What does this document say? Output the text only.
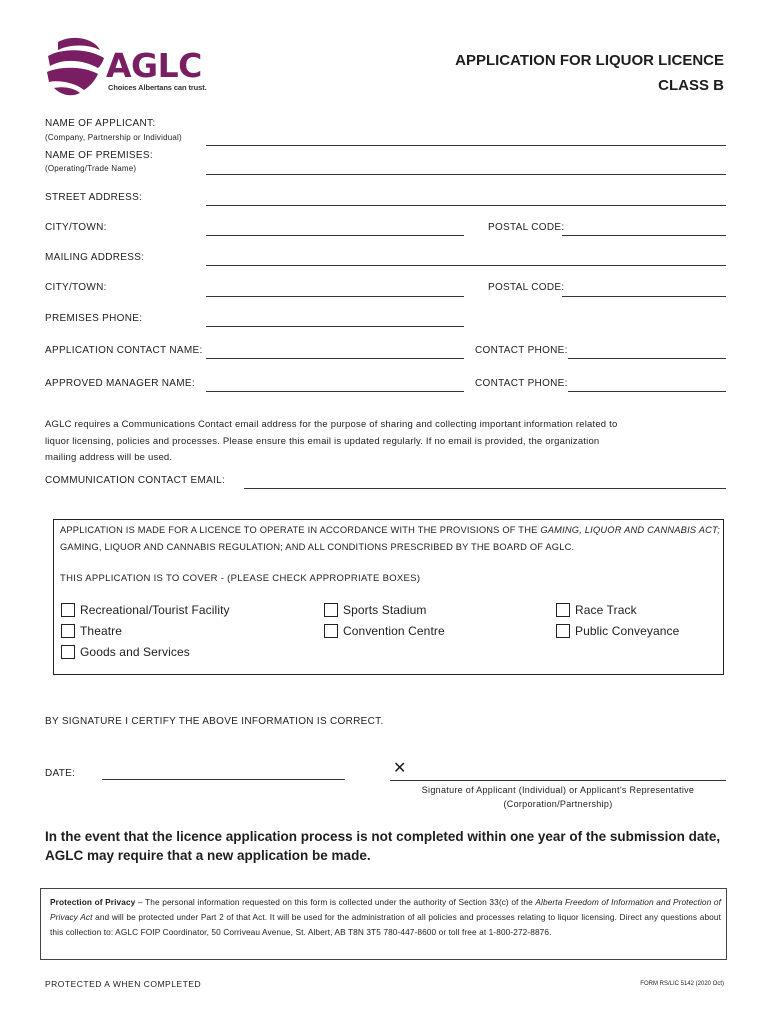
AGLC
Choices Albertans can trust.
APPLICATION FOR LIQUOR LICENCE
CLASS B
NAME OF APPLICANT:
(Company, Partnership or Individual)
NAME OF PREMISES:
(Operating/Trade Name)
STREET ADDRESS:
CITY/TOWN:	POSTAL CODE:
MAILING ADDRESS:
CITY/TOWN:	POSTAL CODE:
PREMISES PHONE:
APPLICATION CONTACT NAME:	CONTACT PHONE:
APPROVED MANAGER NAME:	CONTACT PHONE:
AGLC requires a Communications Contact email address for the purpose of sharing and collecting important information related to
liquor licensing, policies and processes. Please ensure this email is updated regularly. If no email is provided, the organization
mailing address will be used.
COMMUNICATION CONTACT EMAIL:
APPLICATION IS MADE FOR A LICENCE TO OPERATE IN ACCORDANCE WITH THE PROVISIONS OF THE GAMING, LIQUOR AND CANNABIS ACT; GAMING, LIQUOR AND CANNABIS REGULATION; AND ALL CONDITIONS PRESCRIBED BY THE BOARD OF AGLC.
THIS APPLICATION IS TO COVER - (PLEASE CHECK APPROPRIATE BOXES)
Recreational/Tourist Facility	Sports Stadium	Race Track
Theatre	Convention Centre	Public Conveyance
Goods and Services
BY SIGNATURE I CERTIFY THE ABOVE INFORMATION IS CORRECT.
DATE:	✕
Signature of Applicant (Individual) or Applicant’s Representative
(Corporation/Partnership)
In the event that the licence application process is not completed within one year of the submission date,
AGLC may require that a new application be made.
Protection of Privacy – The personal information requested on this form is collected under the authority of Section 33(c) of the Alberta Freedom of Information and Protection of Privacy Act and will be protected under Part 2 of that Act. It will be used for the administration of all policies and processes relating to liquor licensing. Direct any questions about this collection to: AGLC FOIP Coordinator, 50 Corriveau Avenue, St. Albert, AB T8N 3T5 780-447-8600 or toll free at 1-800-272-8876.
PROTECTED A WHEN COMPLETED	FORM RS/LIC 5142 (2020 Oct)
